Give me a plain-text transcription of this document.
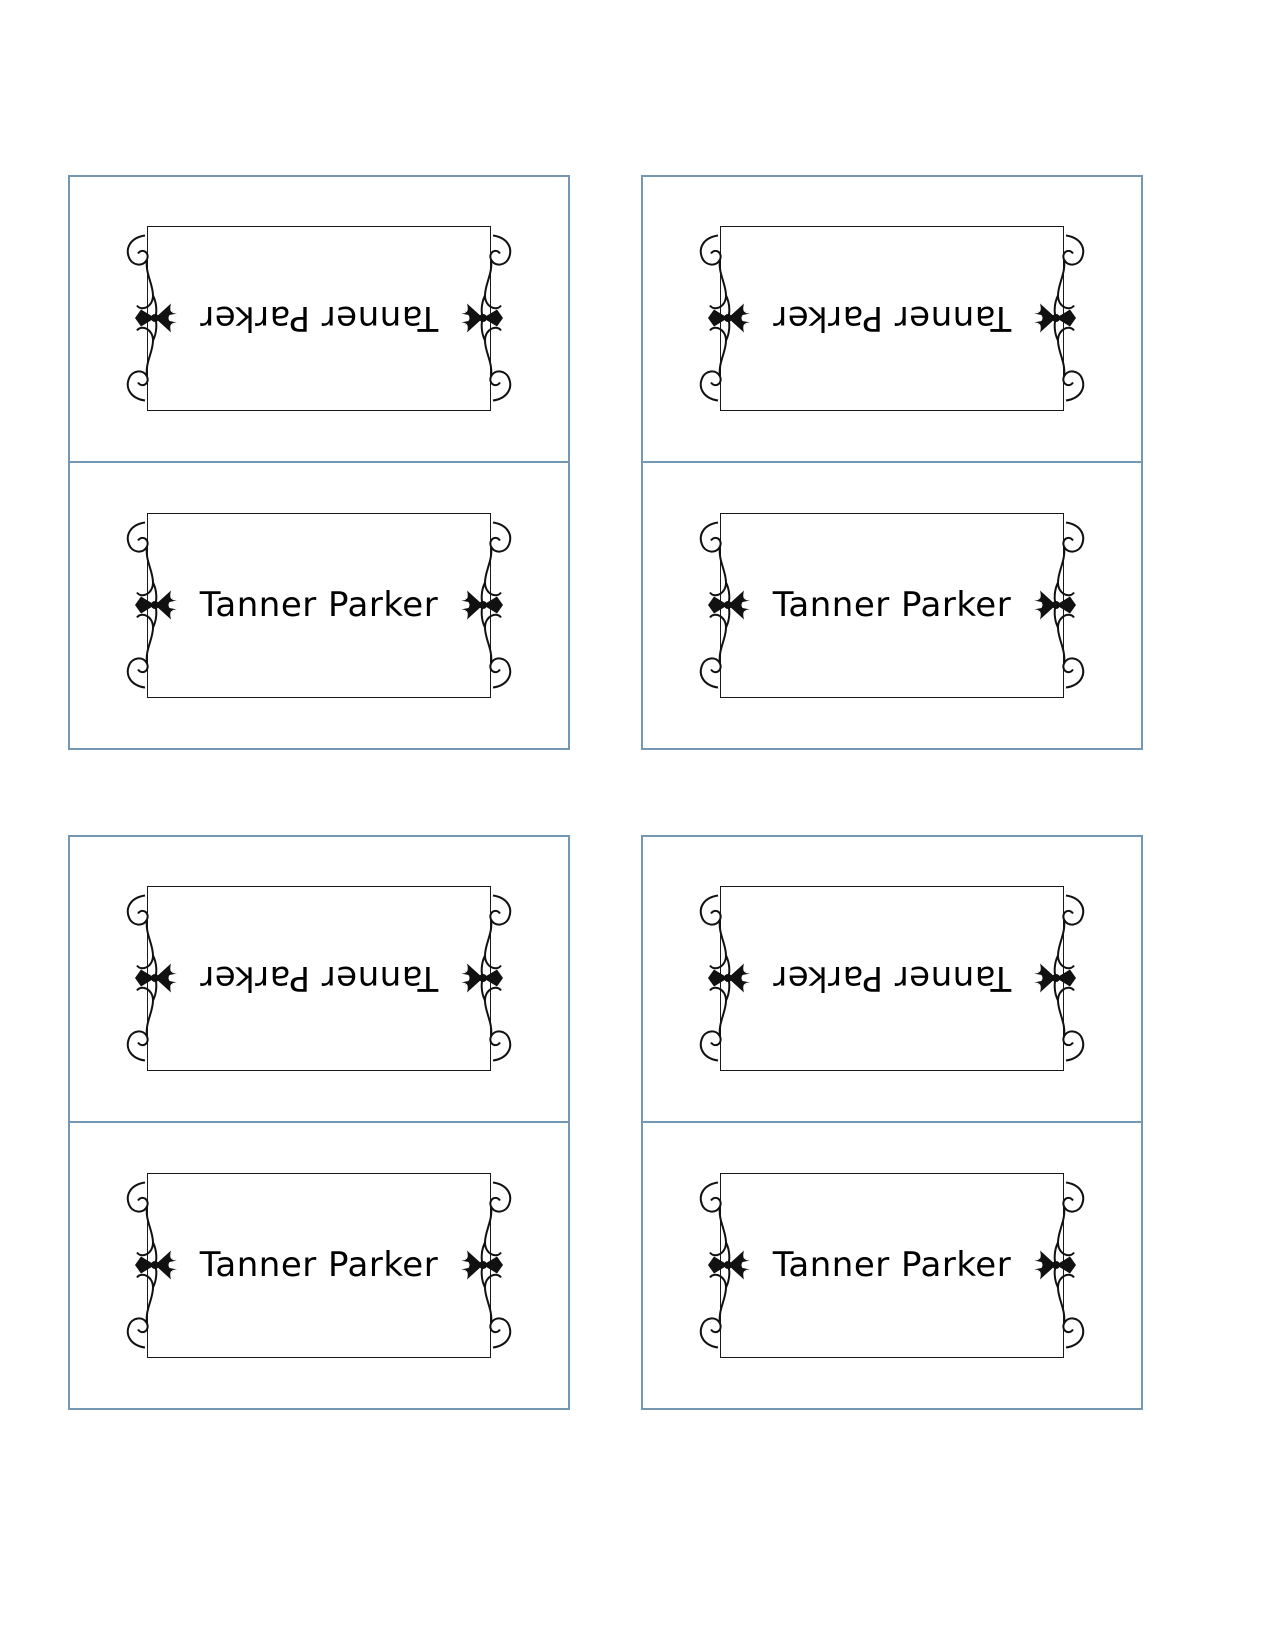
Tanner Parker
Tanner Parker
Tanner Parker
Tanner Parker
Tanner Parker
Tanner Parker
Tanner Parker
Tanner Parker
